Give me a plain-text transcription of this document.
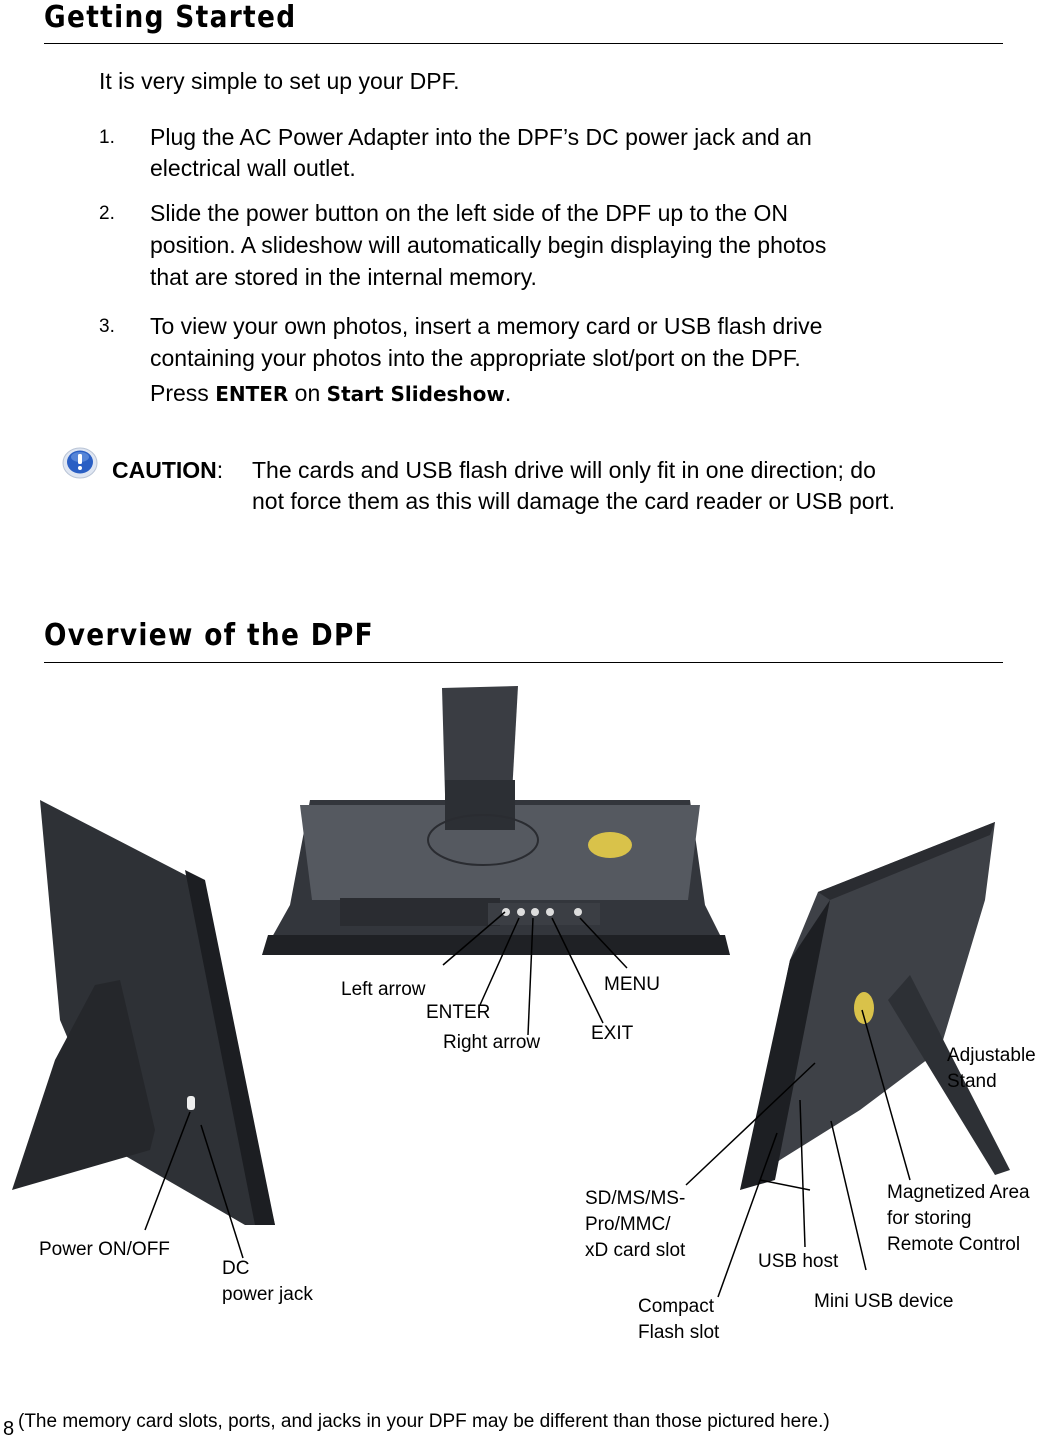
Getting Started
It is very simple to set up your DPF.
1. Plug the AC Power Adapter into the DPF’s DC power jack and an
electrical wall outlet.
2. Slide the power button on the left side of the DPF up to the ON
position. A slideshow will automatically begin displaying the photos
that are stored in the internal memory.
3. To view your own photos, insert a memory card or USB flash drive
containing your photos into the appropriate slot/port on the DPF.
Press ENTER on Start Slideshow.
CAUTION: The cards and USB flash drive will only fit in one direction; do
not force them as this will damage the card reader or USB port.
Overview of the DPF
Left arrow
ENTER
Right arrow	EXIT
MENU
Power ON/OFF
DC
power jack
Adjustable
Stand
SD/MS/MS-
Pro/MMC/
xD card slot
Magnetized Area
for storing
Remote Control
USB host
Compact
Flash slot
Mini USB device
8 (The memory card slots, ports, and jacks in your DPF may be different than those pictured here.)
